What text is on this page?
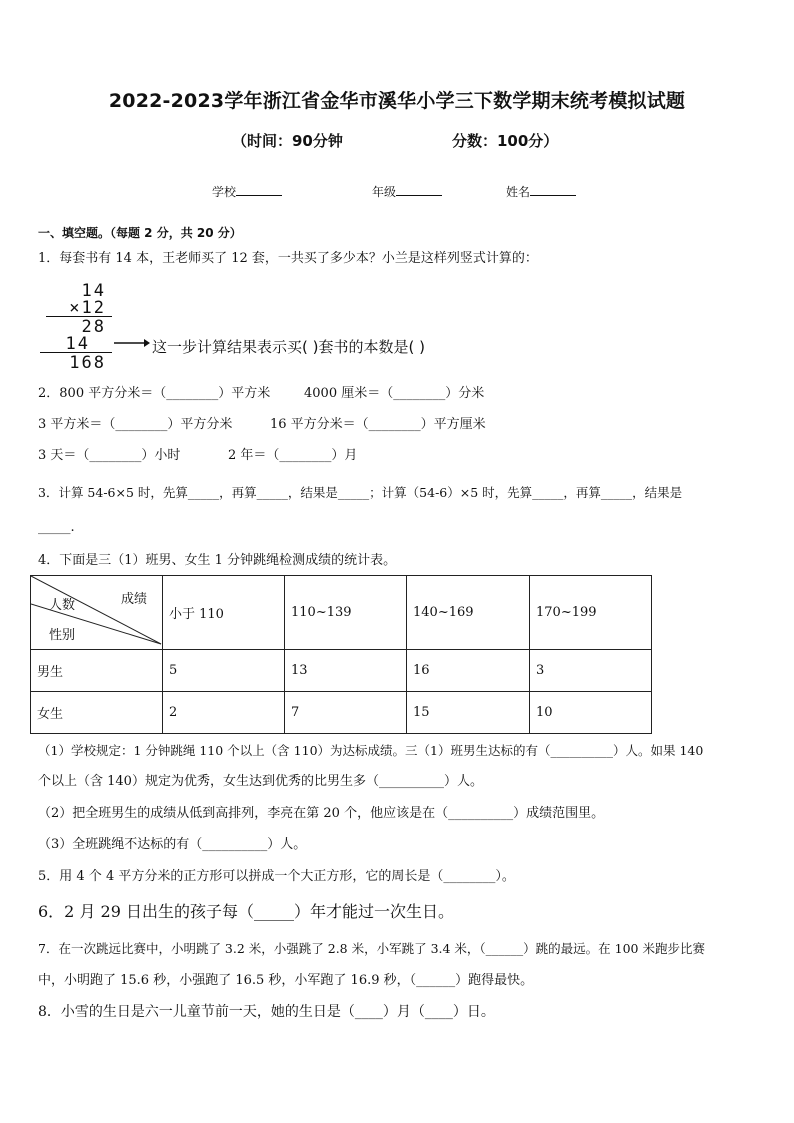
2022-2023学年浙江省金华市溪华小学三下数学期末统考模拟试题
（时间：90分钟	分数：100分）
学校	年级	姓名
一、填空题。（每题 2 分，共 20 分）
1．每套书有 14 本，王老师买了 12 套，一共买了多少本？小兰是这样列竖式计算的：
14
×12
28
14
168
这一步计算结果表示买( )套书的本数是( )
2．800 平方分米＝（________）平方米	4000 厘米＝（________）分米
3 平方米＝（________）平方分米	16 平方分米＝（________）平方厘米
3 天＝（________）小时	2 年＝（________）月
3．计算 54-6×5 时，先算_____，再算_____，结果是_____；计算（54-6）×5 时，先算_____，再算_____，结果是
_____.
4．下面是三（1）班男、女生 1 分钟跳绳检测成绩的统计表。
成绩
人数
性别	小于 110	110~139	140~169	170~199
男生	5	13	16	3
女生	2	7	15	10
（1）学校规定：1 分钟跳绳 110 个以上（含 110）为达标成绩。三（1）班男生达标的有（__________）人。如果 140
个以上（含 140）规定为优秀，女生达到优秀的比男生多（__________）人。
（2）把全班男生的成绩从低到高排列，李亮在第 20 个，他应该是在（__________）成绩范围里。
（3）全班跳绳不达标的有（__________）人。
5．用 4 个 4 平方分米的正方形可以拼成一个大正方形，它的周长是（________）。
6．2 月 29 日出生的孩子每（_____）年才能过一次生日。
7．在一次跳远比赛中，小明跳了 3.2 米，小强跳了 2.8 米，小军跳了 3.4 米，（______）跳的最远。在 100 米跑步比赛
中，小明跑了 15.6 秒，小强跑了 16.5 秒，小军跑了 16.9 秒，（______）跑得最快。
8．小雪的生日是六一儿童节前一天，她的生日是（____）月（____）日。
